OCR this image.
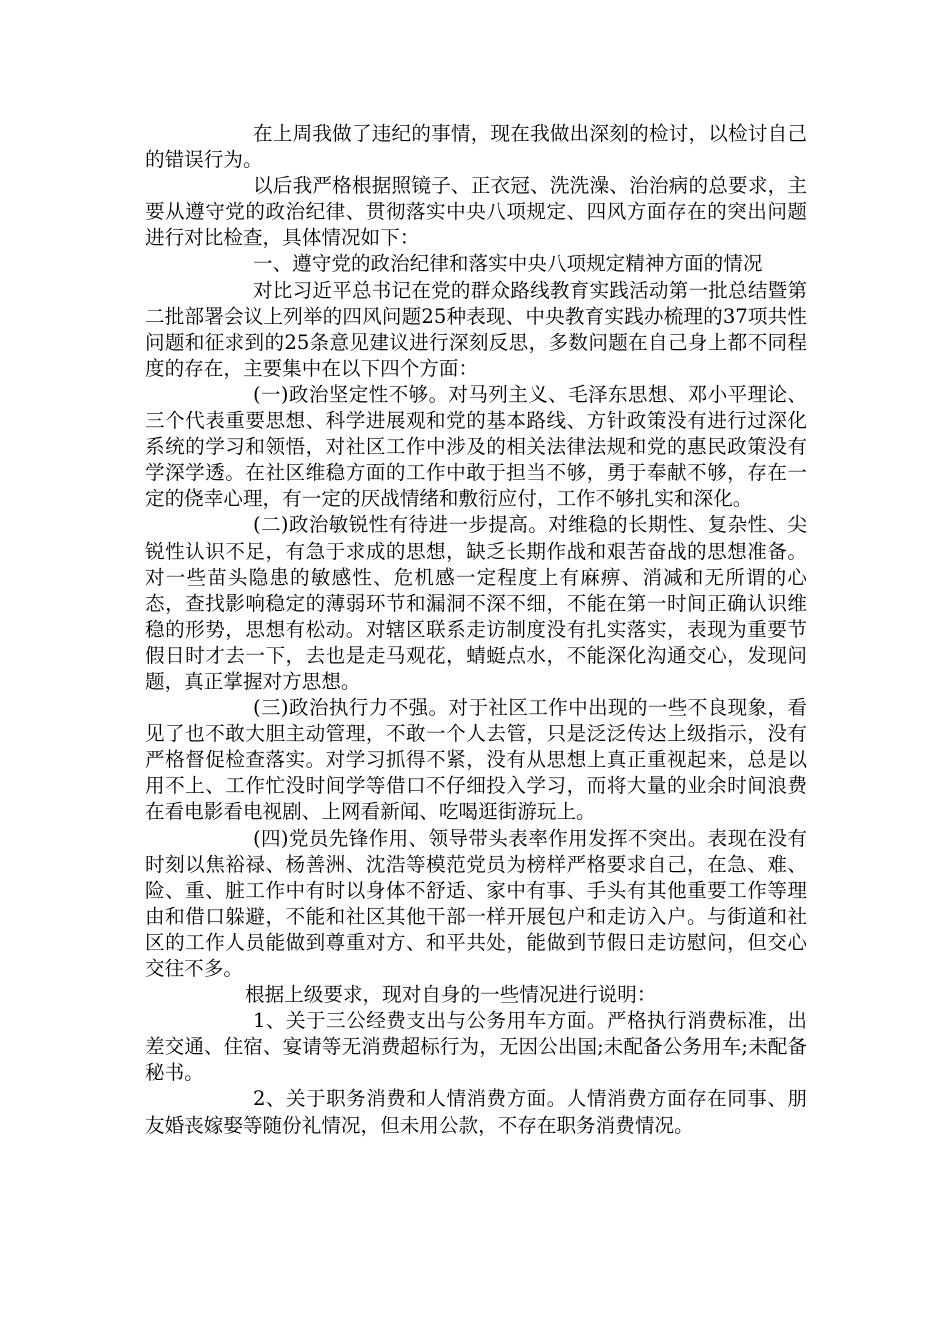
在上周我做了违纪的事情，现在我做出深刻的检讨，以检讨自己的错误行为。

以后我严格根据照镜子、正衣冠、洗洗澡、治治病的总要求，主要从遵守党的政治纪律、贯彻落实中央八项规定、四风方面存在的突出问题进行对比检查，具体情况如下：

一、遵守党的政治纪律和落实中央八项规定精神方面的情况

对比习近平总书记在党的群众路线教育实践活动第一批总结暨第二批部署会议上列举的四风问题25种表现、中央教育实践办梳理的37项共性问题和征求到的25条意见建议进行深刻反思，多数问题在自己身上都不同程度的存在，主要集中在以下四个方面：

(一)政治坚定性不够。对马列主义、毛泽东思想、邓小平理论、三个代表重要思想、科学进展观和党的基本路线、方针政策没有进行过深化系统的学习和领悟，对社区工作中涉及的相关法律法规和党的惠民政策没有学深学透。在社区维稳方面的工作中敢于担当不够，勇于奉献不够，存在一定的侥幸心理，有一定的厌战情绪和敷衍应付，工作不够扎实和深化。

(二)政治敏锐性有待进一步提高。对维稳的长期性、复杂性、尖锐性认识不足，有急于求成的思想，缺乏长期作战和艰苦奋战的思想准备。对一些苗头隐患的敏感性、危机感一定程度上有麻痹、消减和无所谓的心态，查找影响稳定的薄弱环节和漏洞不深不细，不能在第一时间正确认识维稳的形势，思想有松动。对辖区联系走访制度没有扎实落实，表现为重要节假日时才去一下，去也是走马观花，蜻蜓点水，不能深化沟通交心，发现问题，真正掌握对方思想。

(三)政治执行力不强。对于社区工作中出现的一些不良现象，看见了也不敢大胆主动管理，不敢一个人去管，只是泛泛传达上级指示，没有严格督促检查落实。对学习抓得不紧，没有从思想上真正重视起来，总是以用不上、工作忙没时间学等借口不仔细投入学习，而将大量的业余时间浪费在看电影看电视剧、上网看新闻、吃喝逛街游玩上。

(四)党员先锋作用、领导带头表率作用发挥不突出。表现在没有时刻以焦裕禄、杨善洲、沈浩等模范党员为榜样严格要求自己，在急、难、险、重、脏工作中有时以身体不舒适、家中有事、手头有其他重要工作等理由和借口躲避，不能和社区其他干部一样开展包户和走访入户。与街道和社区的工作人员能做到尊重对方、和平共处，能做到节假日走访慰问，但交心交往不多。

根据上级要求，现对自身的一些情况进行说明：

1、关于三公经费支出与公务用车方面。严格执行消费标准，出差交通、住宿、宴请等无消费超标行为，无因公出国;未配备公务用车;未配备秘书。

2、关于职务消费和人情消费方面。人情消费方面存在同事、朋友婚丧嫁娶等随份礼情况，但未用公款，不存在职务消费情况。
